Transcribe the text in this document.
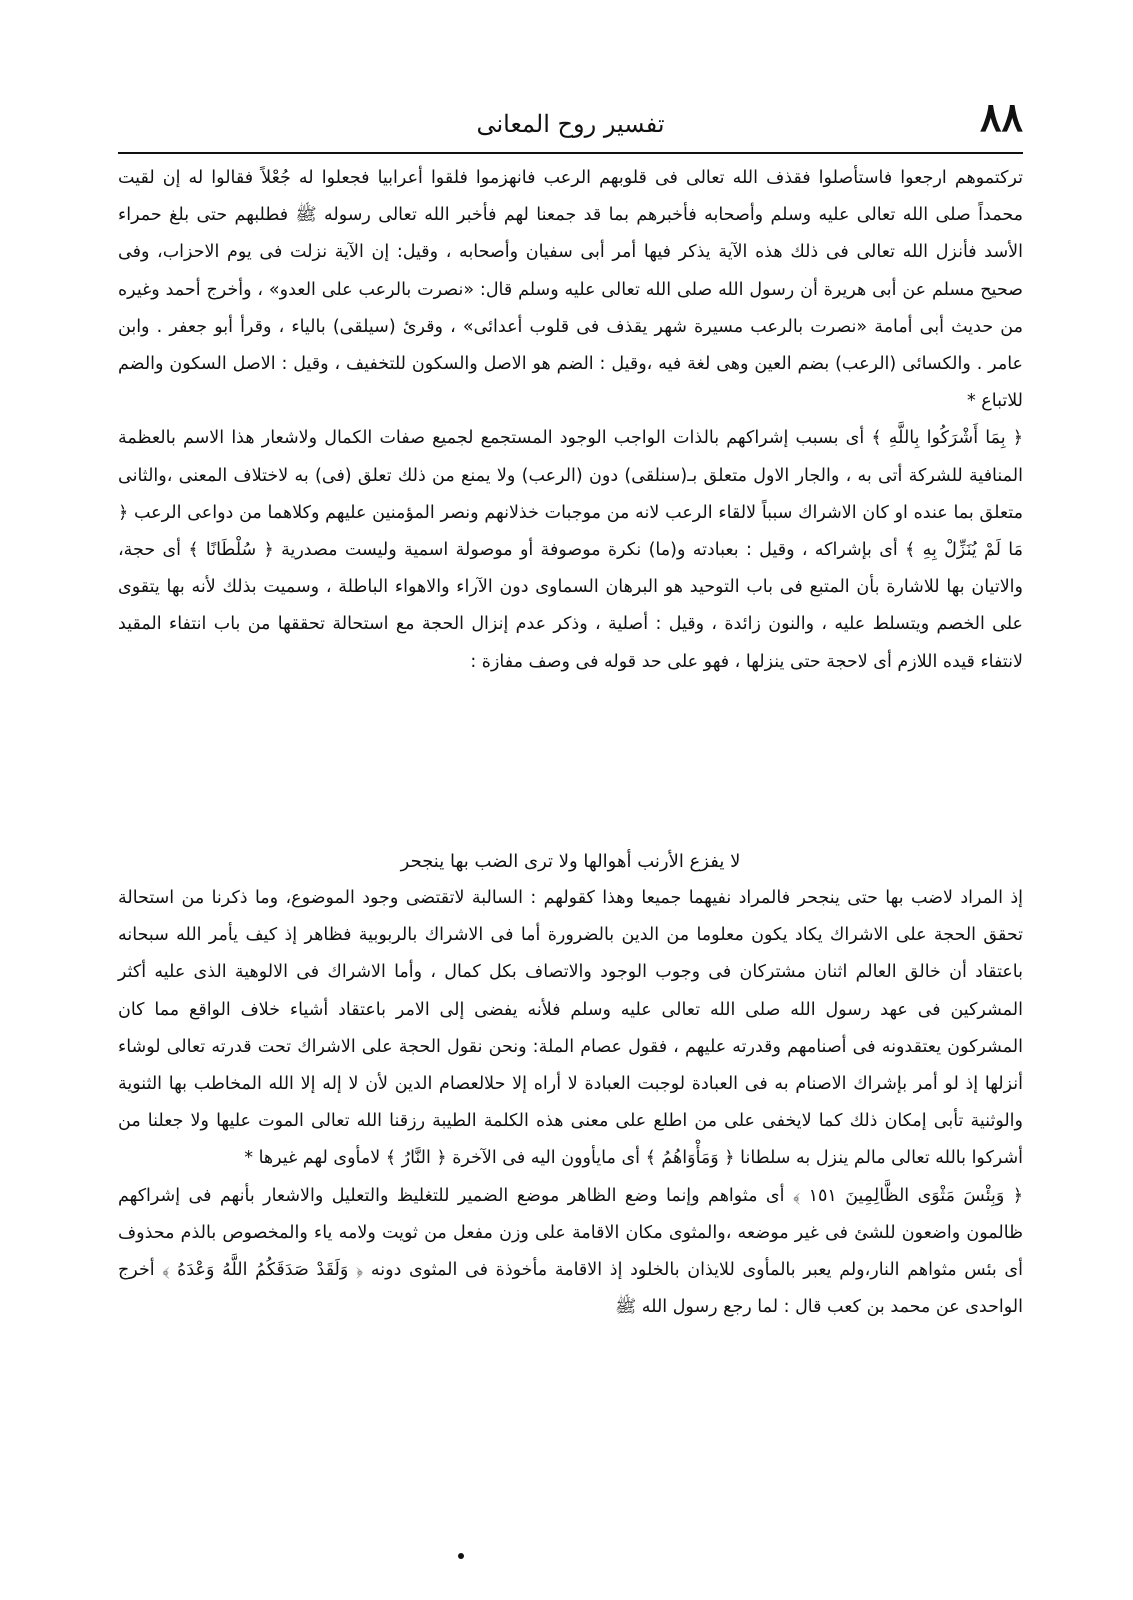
تفسير روح المعانى	٨٨

تركتموهم ارجعوا فاستأصلوا فقذف الله تعالى فى قلوبهم الرعب فانهزموا فلقوا أعرابيا فجعلوا له جُعْلاً فقالوا له إن لقيت محمداً صلى الله تعالى عليه وسلم وأصحابه فأخبرهم بما قد جمعنا لهم فأخبر الله تعالى رسوله ﷺ فطلبهم حتى بلغ حمراء الأسد فأنزل الله تعالى فى ذلك هذه الآية يذكر فيها أمر أبى سفيان وأصحابه ، وقيل: إن الآية نزلت فى يوم الاحزاب، وفى صحيح مسلم عن أبى هريرة أن رسول الله صلى الله تعالى عليه وسلم قال: «نصرت بالرعب على العدو» ، وأخرج أحمد وغيره من حديث أبى أمامة «نصرت بالرعب مسيرة شهر يقذف فى قلوب أعدائى» ، وقرئ (سيلقى) بالياء ، وقرأ أبو جعفر . وابن عامر . والكسائى (الرعب) بضم العين وهى لغة فيه ،وقيل : الضم هو الاصل والسكون للتخفيف ، وقيل : الاصل السكون والضم للاتباع *

﴿ بِمَا أَشْرَكُوا بِاللَّهِ ﴾ أى بسبب إشراكهم بالذات الواجب الوجود المستجمع لجميع صفات الكمال ولاشعار هذا الاسم بالعظمة المنافية للشركة أتى به ، والجار الاول متعلق بـ(سنلقى) دون (الرعب) ولا يمنع من ذلك تعلق (فى) به لاختلاف المعنى ،والثانى متعلق بما عنده او كان الاشراك سبباً لالقاء الرعب لانه من موجبات خذلانهم ونصر المؤمنين عليهم وكلاهما من دواعى الرعب ﴿ مَا لَمْ يُنَزِّلْ بِهِ ﴾ أى بإشراكه ، وقيل : بعبادته و(ما) نكرة موصوفة أو موصولة اسمية وليست مصدرية ﴿ سُلْطَانًا ﴾ أى حجة، والاتيان بها للاشارة بأن المتبع فى باب التوحيد هو البرهان السماوى دون الآراء والاهواء الباطلة ، وسميت بذلك لأنه بها يتقوى على الخصم ويتسلط عليه ، والنون زائدة ، وقيل : أصلية ، وذكر عدم إنزال الحجة مع استحالة تحققها من باب انتفاء المقيد لانتفاء قيده اللازم أى لاحجة حتى ينزلها ، فهو على حد قوله فى وصف مفازة :

لا يفزع الأرنب أهوالها ولا ترى الضب بها ينجحر

إذ المراد لاضب بها حتى ينجحر فالمراد نفيهما جميعا وهذا كقولهم : السالبة لاتقتضى وجود الموضوع، وما ذكرنا من استحالة تحقق الحجة على الاشراك يكاد يكون معلوما من الدين بالضرورة أما فى الاشراك بالربوبية فظاهر إذ كيف يأمر الله سبحانه باعتقاد أن خالق العالم اثنان مشتركان فى وجوب الوجود والاتصاف بكل كمال ، وأما الاشراك فى الالوهية الذى عليه أكثر المشركين فى عهد رسول الله صلى الله تعالى عليه وسلم فلأنه يفضى إلى الامر باعتقاد أشياء خلاف الواقع مما كان المشركون يعتقدونه فى أصنامهم وقدرته عليهم ، فقول عصام الملة: ونحن نقول الحجة على الاشراك تحت قدرته تعالى لوشاء أنزلها إذ لو أمر بإشراك الاصنام به فى العبادة لوجبت العبادة لا أراه إلا حلالعصام الدين لأن لا إله إلا الله المخاطب بها الثنوية والوثنية تأبى إمكان ذلك كما لايخفى على من اطلع على معنى هذه الكلمة الطيبة رزقنا الله تعالى الموت عليها ولا جعلنا من أشركوا بالله تعالى مالم ينزل به سلطانا ﴿ وَمَأْوَاهُمُ ﴾ أى مايأوون اليه فى الآخرة ﴿ النَّارُ ﴾ لامأوى لهم غيرها *

﴿ وَبِئْسَ مَثْوَى الظَّالِمِينَ ١٥١ ﴾ أى مثواهم وإنما وضع الظاهر موضع الضمير للتغليظ والتعليل والاشعار بأنهم فى إشراكهم ظالمون واضعون للشئ فى غير موضعه ،والمثوى مكان الاقامة على وزن مفعل من ثويت ولامه ياء والمخصوص بالذم محذوف أى بئس مثواهم النار،ولم يعبر بالمأوى للايذان بالخلود إذ الاقامة مأخوذة فى المثوى دونه ﴿ وَلَقَدْ صَدَقَكُمُ اللَّهُ وَعْدَهُ ﴾ أخرج الواحدى عن محمد بن كعب قال : لما رجع رسول الله ﷺ
